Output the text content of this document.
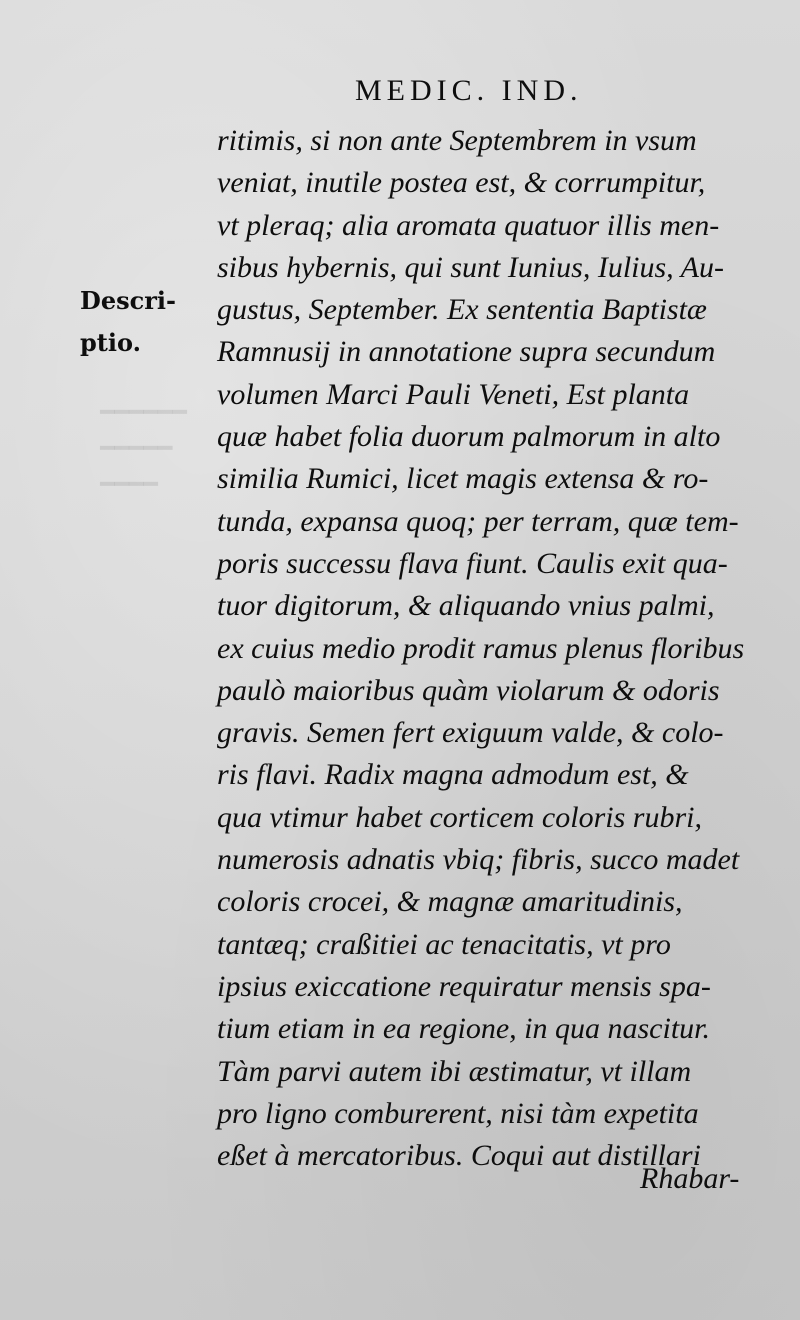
━━━━━━
━━━━━
━━━━
MEDIC. IND.
Descri-
ptio.
ritimis, si non ante Septembrem in vsum
veniat, inutile postea est, & corrumpitur,
vt pleraq; alia aromata quatuor illis men-
sibus hybernis, qui sunt Iunius, Iulius, Au-
gustus, September. Ex sententia Baptistæ
Ramnusij in annotatione supra secundum
volumen Marci Pauli Veneti, Est planta
quæ habet folia duorum palmorum in alto
similia Rumici, licet magis extensa & ro-
tunda, expansa quoq; per terram, quæ tem-
poris successu flava fiunt. Caulis exit qua-
tuor digitorum, & aliquando vnius palmi,
ex cuius medio prodit ramus plenus floribus
paulò maioribus quàm violarum & odoris
gravis. Semen fert exiguum valde, & colo-
ris flavi. Radix magna admodum est, &
qua vtimur habet corticem coloris rubri,
numerosis adnatis vbiq; fibris, succo madet
coloris crocei, & magnæ amaritudinis,
tantæq; craßitiei ac tenacitatis, vt pro
ipsius exiccatione requiratur mensis spa-
tium etiam in ea regione, in qua nascitur.
Tàm parvi autem ibi æstimatur, vt illam
pro ligno comburerent, nisi tàm expetita
eßet à mercatoribus. Coqui aut distillari
Rhabar-
